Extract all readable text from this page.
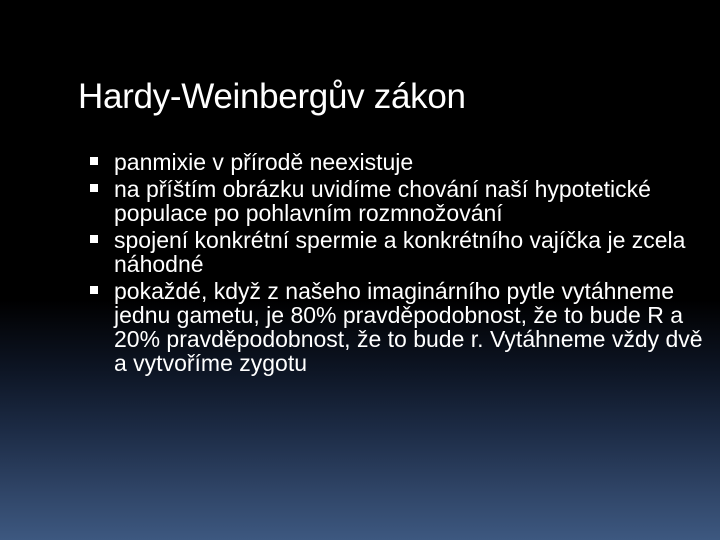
Hardy-Weinbergův zákon
panmixie v přírodě neexistuje
na příštím obrázku uvidíme chování naší hypotetické populace po pohlavním rozmnožování
spojení konkrétní spermie a konkrétního vajíčka je zcela náhodné
pokaždé, když z našeho imaginárního pytle vytáhneme jednu gametu, je 80% pravděpodobnost, že to bude R a 20% pravděpodobnost, že to bude r. Vytáhneme vždy dvě a vytvoříme zygotu
